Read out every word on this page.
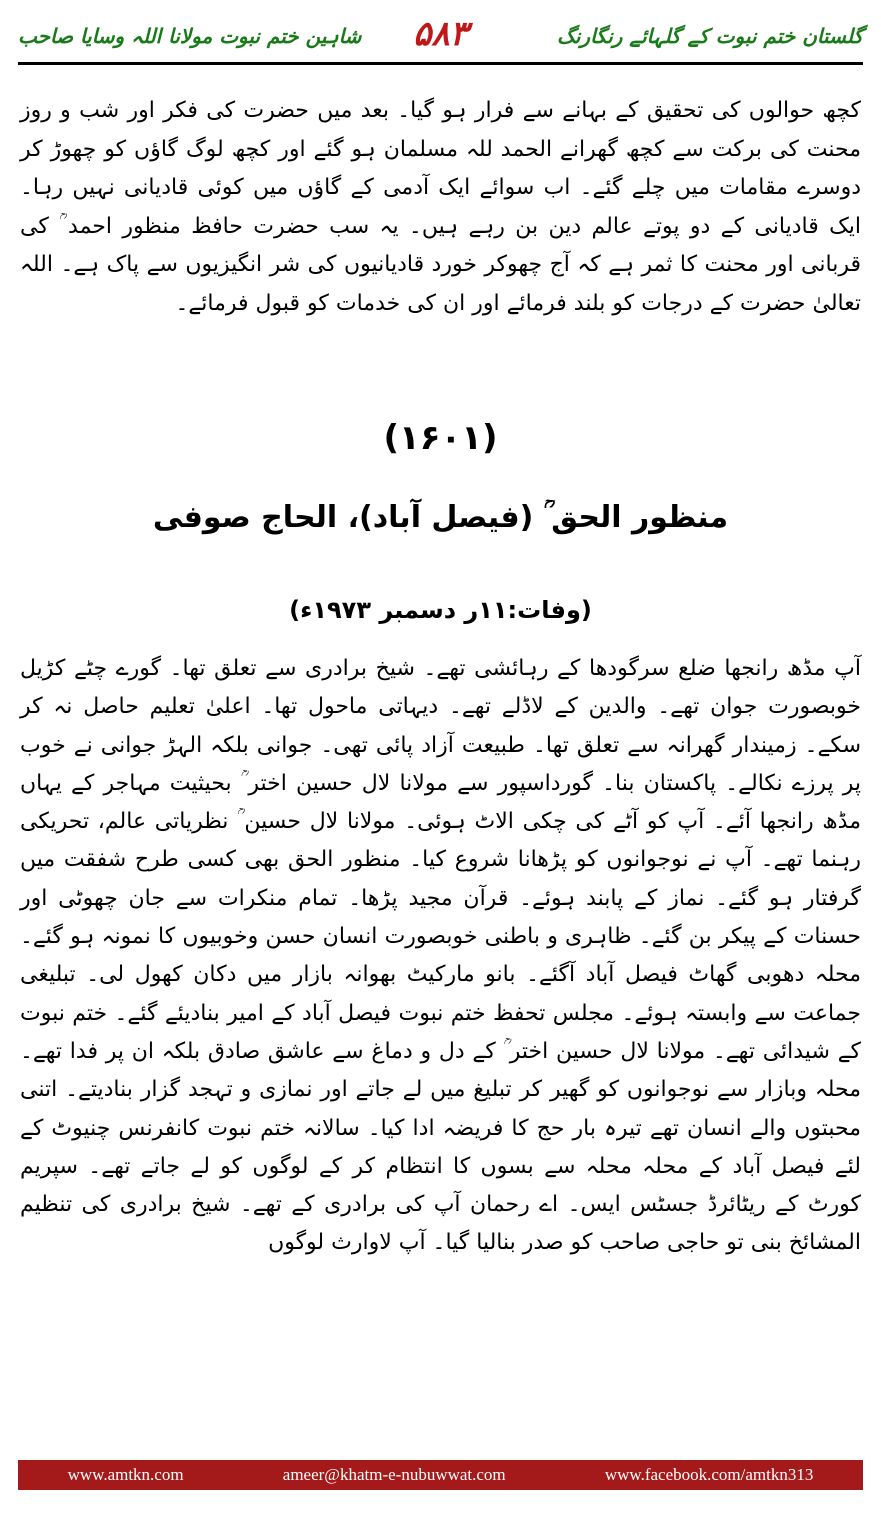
گلستان ختم نبوت کے گلہائے رنگارنگ
۵۸۳
شاہین ختم نبوت مولانا اللہ وسایا صاحب
کچھ حوالوں کی تحقیق کے بہانے سے فرار ہو گیا۔ بعد میں حضرت کی فکر اور شب و روز محنت کی برکت سے کچھ گھرانے الحمد للہ مسلمان ہو گئے اور کچھ لوگ گاؤں کو چھوڑ کر دوسرے مقامات میں چلے گئے۔ اب سوائے ایک آدمی کے گاؤں میں کوئی قادیانی نہیں رہا۔ ایک قادیانی کے دو پوتے عالم دین بن رہے ہیں۔ یہ سب حضرت حافظ منظور احمد ؒ کی قربانی اور محنت کا ثمر ہے کہ آج چھوکر خورد قادیانیوں کی شر انگیزیوں سے پاک ہے۔ اللہ تعالیٰ حضرت کے درجات کو بلند فرمائے اور ان کی خدمات کو قبول فرمائے۔
(۱۶۰۱)
منظور الحق ؒ (فیصل آباد)، الحاج صوفی
(وفات:۱۱ر دسمبر ۱۹۷۳ء)
آپ مڈھ رانجھا ضلع سرگودھا کے رہائشی تھے۔ شیخ برادری سے تعلق تھا۔ گورے چٹے کڑیل خوبصورت جوان تھے۔ والدین کے لاڈلے تھے۔ دیہاتی ماحول تھا۔ اعلیٰ تعلیم حاصل نہ کر سکے۔ زمیندار گھرانہ سے تعلق تھا۔ طبیعت آزاد پائی تھی۔ جوانی بلکہ الہڑ جوانی نے خوب پر پرزے نکالے۔ پاکستان بنا۔ گورداسپور سے مولانا لال حسین اختر ؒ بحیثیت مہاجر کے یہاں مڈھ رانجھا آئے۔ آپ کو آٹے کی چکی الاٹ ہوئی۔ مولانا لال حسین ؒ نظریاتی عالم، تحریکی رہنما تھے۔ آپ نے نوجوانوں کو پڑھانا شروع کیا۔ منظور الحق بھی کسی طرح شفقت میں گرفتار ہو گئے۔ نماز کے پابند ہوئے۔ قرآن مجید پڑھا۔ تمام منکرات سے جان چھوٹی اور حسنات کے پیکر بن گئے۔ ظاہری و باطنی خوبصورت انسان حسن وخوبیوں کا نمونہ ہو گئے۔ محلہ دھوبی گھاٹ فیصل آباد آگئے۔ بانو مارکیٹ بھوانہ بازار میں دکان کھول لی۔ تبلیغی جماعت سے وابستہ ہوئے۔ مجلس تحفظ ختم نبوت فیصل آباد کے امیر بنادیئے گئے۔ ختم نبوت کے شیدائی تھے۔ مولانا لال حسین اختر ؒ کے دل و دماغ سے عاشق صادق بلکہ ان پر فدا تھے۔ محلہ وبازار سے نوجوانوں کو گھیر کر تبلیغ میں لے جاتے اور نمازی و تہجد گزار بنادیتے۔ اتنی محبتوں والے انسان تھے تیرہ بار حج کا فریضہ ادا کیا۔ سالانہ ختم نبوت کانفرنس چنیوٹ کے لئے فیصل آباد کے محلہ محلہ سے بسوں کا انتظام کر کے لوگوں کو لے جاتے تھے۔ سپریم کورٹ کے ریٹائرڈ جسٹس ایس۔ اے رحمان آپ کی برادری کے تھے۔ شیخ برادری کی تنظیم المشائخ بنی تو حاجی صاحب کو صدر بنالیا گیا۔ آپ لاوارث لوگوں
www.amtkn.com	ameer@khatm-e-nubuwwat.com	www.facebook.com/amtkn313
